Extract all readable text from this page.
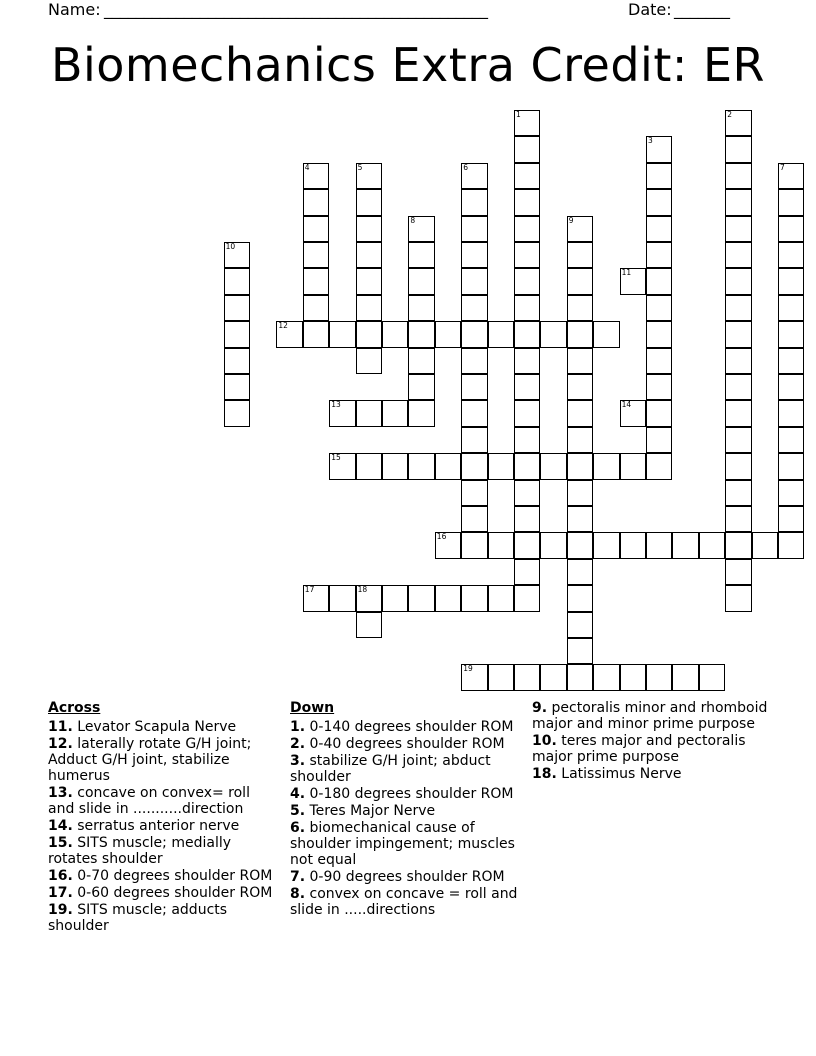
Name: ________________________________________________	Date: _______
Biomechanics Extra Credit: ER
1	2
3
4	5	6	7
8	9
10
11
12
13	14
15
16
17	18
19
Across
11. Levator Scapula Nerve
12. laterally rotate G/H joint; Adduct G/H joint, stabilize humerus
13. concave on convex= roll and slide in ...........direction
14. serratus anterior nerve
15. SITS muscle; medially rotates shoulder
16. 0-70 degrees shoulder ROM
17. 0-60 degrees shoulder ROM
19. SITS muscle; adducts shoulder
Down
1. 0-140 degrees shoulder ROM
2. 0-40 degrees shoulder ROM
3. stabilize G/H joint; abduct shoulder
4. 0-180 degrees shoulder ROM
5. Teres Major Nerve
6. biomechanical cause of shoulder impingement; muscles not equal
7. 0-90 degrees shoulder ROM
8. convex on concave = roll and slide in .....directions
9. pectoralis minor and rhomboid major and minor prime purpose
10. teres major and pectoralis major prime purpose
18. Latissimus Nerve
